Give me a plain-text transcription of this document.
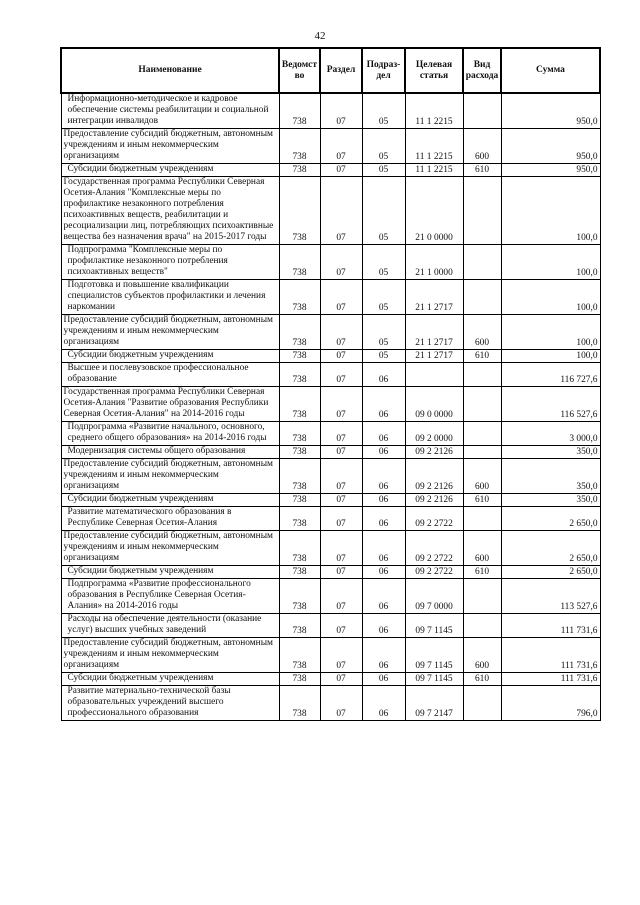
42
Наименование	Ведомст во	Раздел	Подраз- дел	Целевая статья	Вид расхода	Сумма
Информационно-методическое и кадровое обеспечение системы реабилитации и социальной интеграции инвалидов	738	07	05	11 1 2215		950,0
Предоставление субсидий бюджетным, автономным учреждениям и иным некоммерческим организациям	738	07	05	11 1 2215	600	950,0
Субсидии бюджетным учреждениям	738	07	05	11 1 2215	610	950,0
Государственная программа Республики Северная Осетия-Алания "Комплексные меры по профилактике незаконного потребления психоактивных веществ, реабилитации и ресоциализации лиц, потребляющих психоактивные вещества без назначения врача" на 2015-2017 годы	738	07	05	21 0 0000		100,0
Подпрограмма "Комплексные меры по профилактике незаконного потребления психоактивных веществ"	738	07	05	21 1 0000		100,0
Подготовка и повышение квалификации специалистов субъектов профилактики и лечения наркомании	738	07	05	21 1 2717		100,0
Предоставление субсидий бюджетным, автономным учреждениям и иным некоммерческим организациям	738	07	05	21 1 2717	600	100,0
Субсидии бюджетным учреждениям	738	07	05	21 1 2717	610	100,0
Высшее и послевузовское профессиональное образование	738	07	06			116 727,6
Государственная программа Республики Северная Осетия-Алания "Развитие образования Республики Северная Осетия-Алания" на 2014-2016 годы	738	07	06	09 0 0000		116 527,6
Подпрограмма «Развитие начального, основного, среднего общего образования» на 2014-2016 годы	738	07	06	09 2 0000		3 000,0
Модернизация системы общего образования	738	07	06	09 2 2126		350,0
Предоставление субсидий бюджетным, автономным учреждениям и иным некоммерческим организациям	738	07	06	09 2 2126	600	350,0
Субсидии бюджетным учреждениям	738	07	06	09 2 2126	610	350,0
Развитие математического образования в Республике Северная Осетия-Алания	738	07	06	09 2 2722		2 650,0
Предоставление субсидий бюджетным, автономным учреждениям и иным некоммерческим организациям	738	07	06	09 2 2722	600	2 650,0
Субсидии бюджетным учреждениям	738	07	06	09 2 2722	610	2 650,0
Подпрограмма «Развитие профессионального образования в Республике Северная Осетия-Алания» на 2014-2016 годы	738	07	06	09 7 0000		113 527,6
Расходы на обеспечение деятельности (оказание услуг) высших учебных заведений	738	07	06	09 7 1145		111 731,6
Предоставление субсидий бюджетным, автономным учреждениям и иным некоммерческим организациям	738	07	06	09 7 1145	600	111 731,6
Субсидии бюджетным учреждениям	738	07	06	09 7 1145	610	111 731,6
Развитие материально-технической базы образовательных учреждений высшего профессионального образования	738	07	06	09 7 2147		796,0
